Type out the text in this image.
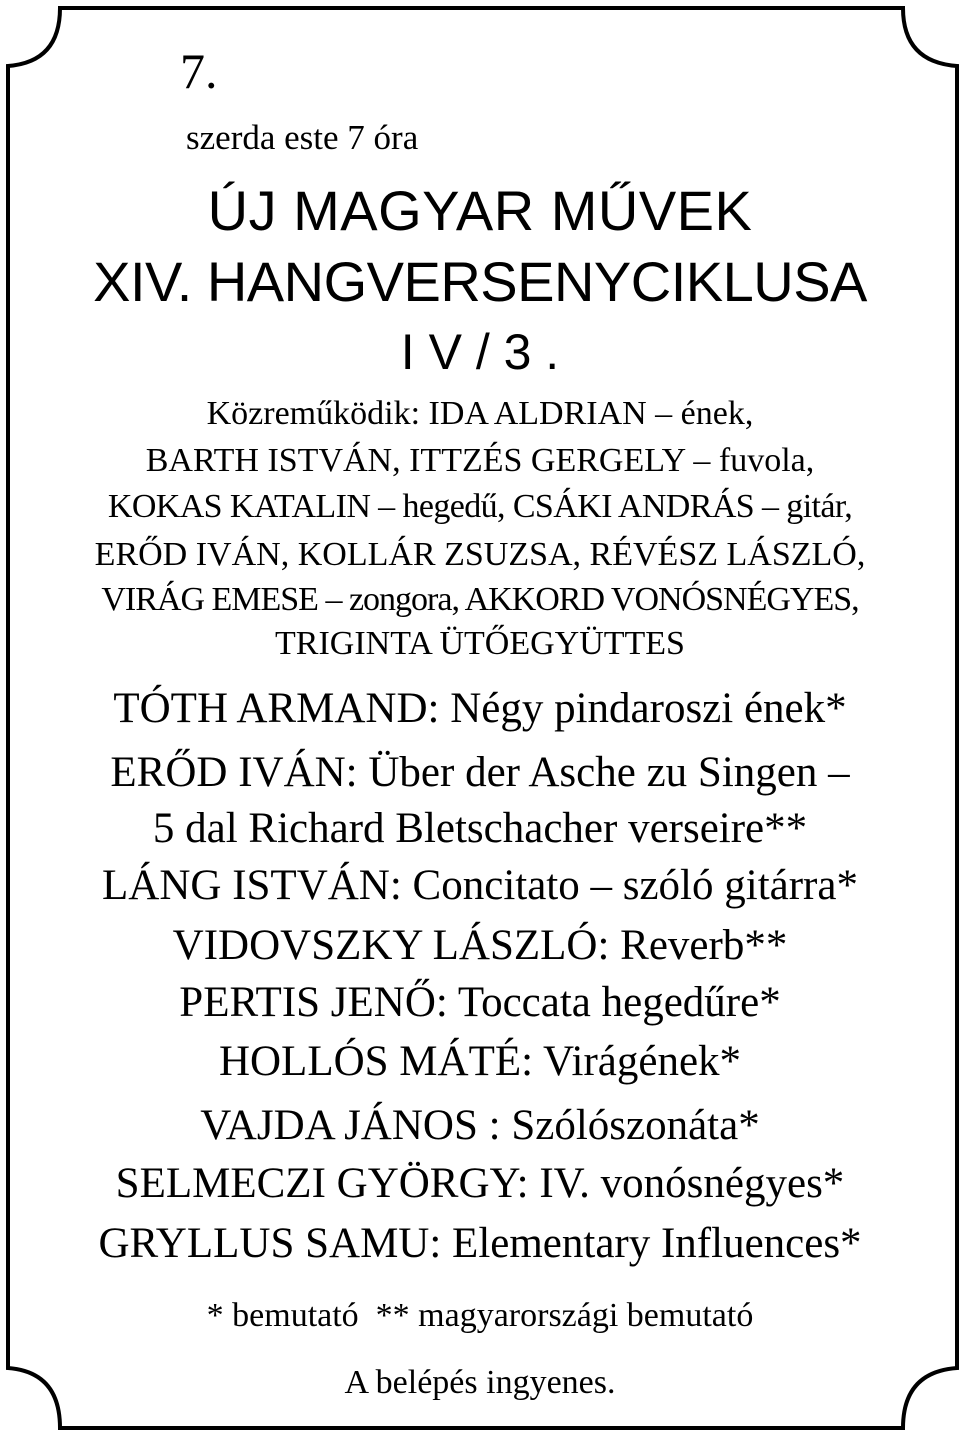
7.
szerda este 7 óra
ÚJ MAGYAR MŰVEK
XIV. HANGVERSENYCIKLUSA
I V / 3 .
Közreműködik: IDA ALDRIAN – ének,
BARTH ISTVÁN, ITTZÉS GERGELY – fuvola,
KOKAS KATALIN – hegedű, CSÁKI ANDRÁS – gitár,
ERŐD IVÁN, KOLLÁR ZSUZSA, RÉVÉSZ LÁSZLÓ,
VIRÁG EMESE – zongora, AKKORD VONÓSNÉGYES,
TRIGINTA ÜTŐEGYÜTTES
TÓTH ARMAND: Négy pindaroszi ének*
ERŐD IVÁN: Über der Asche zu Singen –
5 dal Richard Bletschacher verseire**
LÁNG ISTVÁN: Concitato – szóló gitárra*
VIDOVSZKY LÁSZLÓ: Reverb**
PERTIS JENŐ: Toccata hegedűre*
HOLLÓS MÁTÉ: Virágének*
VAJDA JÁNOS : Szólószonáta*
SELMECZI GYÖRGY: IV. vonósnégyes*
GRYLLUS SAMU: Elementary Influences*
* bemutató  ** magyarországi bemutató
A belépés ingyenes.
